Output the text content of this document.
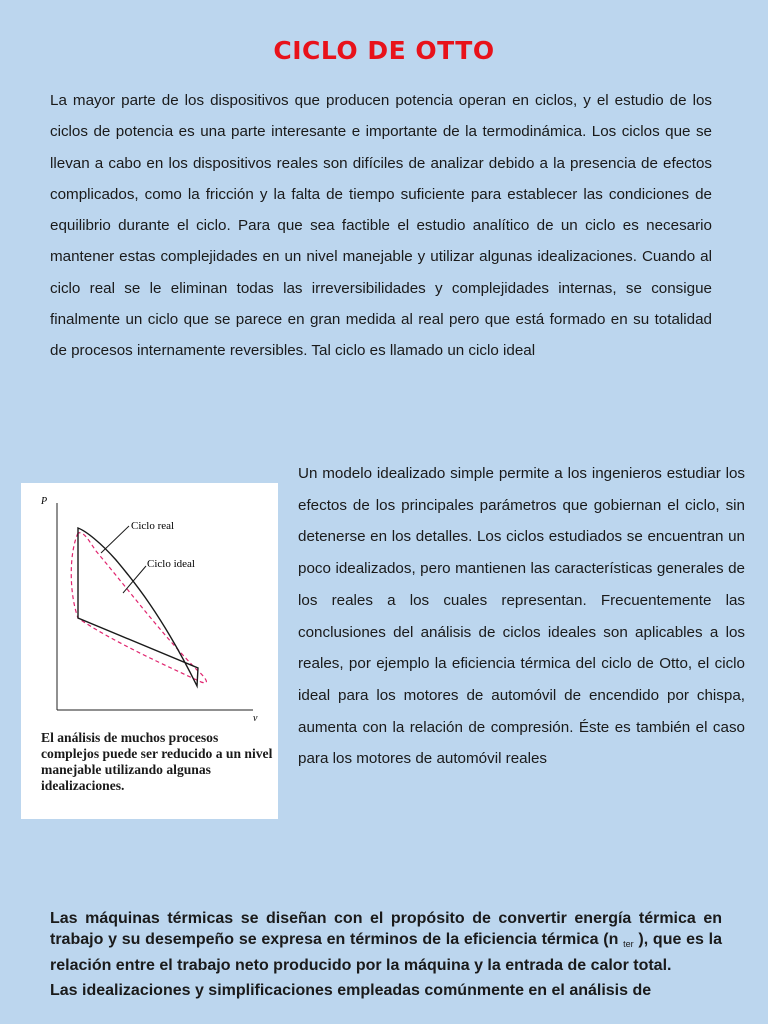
CICLO DE OTTO
La mayor parte de los dispositivos que producen potencia operan en ciclos, y el estudio de los ciclos de potencia es una parte interesante e importante de la termodinámica. Los ciclos que se llevan a cabo en los dispositivos reales son difíciles de analizar debido a la presencia de efectos complicados, como la fricción y la falta de tiempo suficiente para establecer las condiciones de equilibrio durante el ciclo. Para que sea factible el estudio analítico de un ciclo es necesario mantener estas complejidades en un nivel manejable y utilizar algunas idealizaciones. Cuando al ciclo real se le eliminan todas las irreversibilidades y complejidades internas, se consigue finalmente un ciclo que se parece en gran medida al real pero que está formado en su totalidad de procesos internamente reversibles. Tal ciclo es llamado un ciclo ideal
P
v
Ciclo real
Ciclo ideal
El análisis de muchos procesos complejos puede ser reducido a un nivel manejable utilizando algunas idealizaciones.
Un modelo idealizado simple permite a los ingenieros estudiar los efectos de los principales parámetros que gobiernan el ciclo, sin detenerse en los detalles. Los ciclos estudiados se encuentran un poco idealizados, pero mantienen las características generales de los reales a los cuales representan. Frecuentemente las conclusiones del análisis de ciclos ideales son aplicables a los reales, por ejemplo la eficiencia térmica del ciclo de Otto, el ciclo ideal para los motores de automóvil de encendido por chispa, aumenta con la relación de compresión. Éste es también el caso para los motores de automóvil reales

Las máquinas térmicas se diseñan con el propósito de convertir energía térmica en trabajo y su desempeño se expresa en términos de la eficiencia térmica (n $_{ter}$ ), que es la relación entre el trabajo neto producido por la máquina y la entrada de calor total.

Las idealizaciones y simplificaciones empleadas comúnmente en el análisis de
